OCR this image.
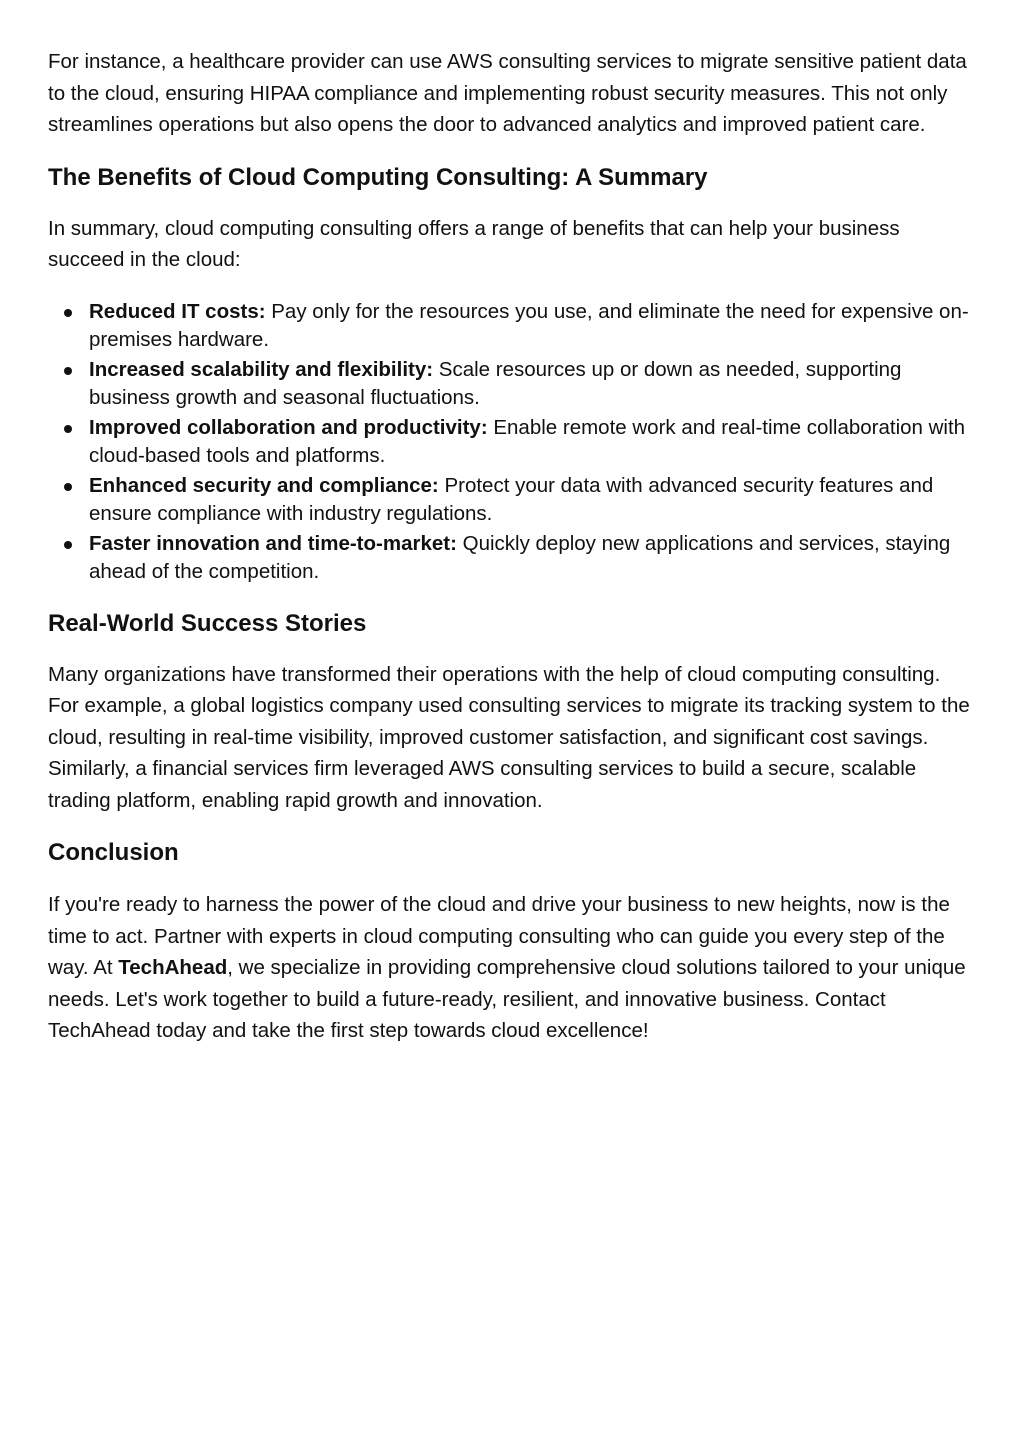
For instance, a healthcare provider can use AWS consulting services to migrate sensitive patient data to the cloud, ensuring HIPAA compliance and implementing robust security measures. This not only streamlines operations but also opens the door to advanced analytics and improved patient care.

The Benefits of Cloud Computing Consulting: A Summary

In summary, cloud computing consulting offers a range of benefits that can help your business succeed in the cloud:

Reduced IT costs: Pay only for the resources you use, and eliminate the need for expensive on-premises hardware.
Increased scalability and flexibility: Scale resources up or down as needed, supporting business growth and seasonal fluctuations.
Improved collaboration and productivity: Enable remote work and real-time collaboration with cloud-based tools and platforms.
Enhanced security and compliance: Protect your data with advanced security features and ensure compliance with industry regulations.
Faster innovation and time-to-market: Quickly deploy new applications and services, staying ahead of the competition.
Real-World Success Stories

Many organizations have transformed their operations with the help of cloud computing consulting. For example, a global logistics company used consulting services to migrate its tracking system to the cloud, resulting in real-time visibility, improved customer satisfaction, and significant cost savings. Similarly, a financial services firm leveraged AWS consulting services to build a secure, scalable trading platform, enabling rapid growth and innovation.

Conclusion

If you're ready to harness the power of the cloud and drive your business to new heights, now is the time to act. Partner with experts in cloud computing consulting who can guide you every step of the way. At TechAhead, we specialize in providing comprehensive cloud solutions tailored to your unique needs. Let's work together to build a future-ready, resilient, and innovative business. Contact TechAhead today and take the first step towards cloud excellence!
